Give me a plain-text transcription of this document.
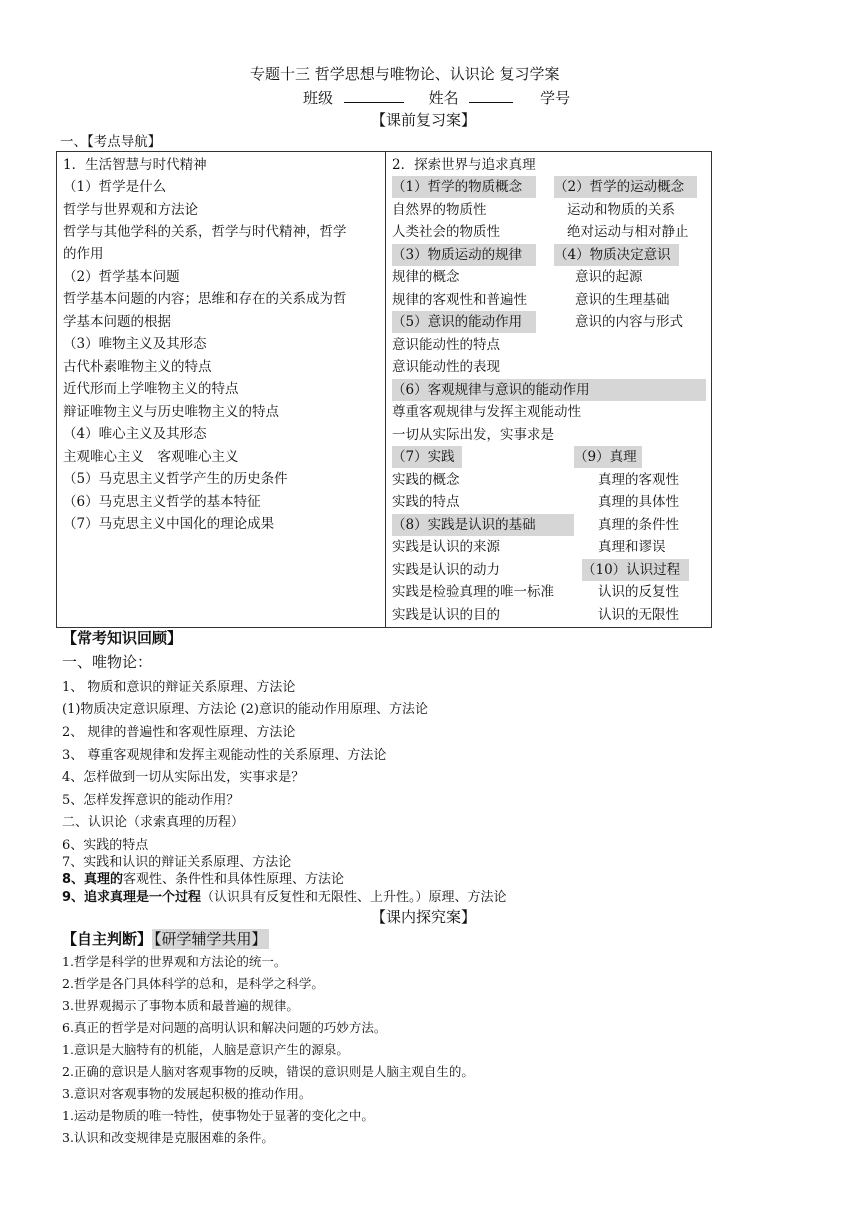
专题十三 哲学思想与唯物论、认识论 复习学案
班级	姓名	学号
【课前复习案】
一、【考点导航】
1．生活智慧与时代精神
（1）哲学是什么
哲学与世界观和方法论
哲学与其他学科的关系，哲学与时代精神，哲学
的作用
（2）哲学基本问题
哲学基本问题的内容；思维和存在的关系成为哲
学基本问题的根据
（3）唯物主义及其形态
古代朴素唯物主义的特点
近代形而上学唯物主义的特点
辩证唯物主义与历史唯物主义的特点
（4）唯心主义及其形态
主观唯心主义　客观唯心主义
（5）马克思主义哲学产生的历史条件
（6）马克思主义哲学的基本特征
（7）马克思主义中国化的理论成果

2．探索世界与追求真理
（1）哲学的物质概念	（2）哲学的运动概念
自然界的物质性	运动和物质的关系
人类社会的物质性	绝对运动与相对静止
（3）物质运动的规律	（4）物质决定意识
规律的概念	意识的起源
规律的客观性和普遍性	意识的生理基础
（5）意识的能动作用	意识的内容与形式
意识能动性的特点
意识能动性的表现
（6）客观规律与意识的能动作用
尊重客观规律与发挥主观能动性
一切从实际出发，实事求是
（7）实践	（9）真理
实践的概念	真理的客观性
实践的特点	真理的具体性
（8）实践是认识的基础	真理的条件性
实践是认识的来源	真理和谬误
实践是认识的动力	（10）认识过程
实践是检验真理的唯一标准	认识的反复性
实践是认识的目的	认识的无限性
【常考知识回顾】
一、唯物论：
1、 物质和意识的辩证关系原理、方法论
(1)物质决定意识原理、方法论 (2)意识的能动作用原理、方法论
2、 规律的普遍性和客观性原理、方法论
3、 尊重客观规律和发挥主观能动性的关系原理、方法论
4、怎样做到一切从实际出发，实事求是？
5、怎样发挥意识的能动作用？
二、认识论（求索真理的历程）
6、实践的特点
7、实践和认识的辩证关系原理、方法论
8、真理的客观性、条件性和具体性原理、方法论
9、追求真理是一个过程（认识具有反复性和无限性、上升性。）原理、方法论
【课内探究案】
【自主判断】 【研学辅学共用】
1.哲学是科学的世界观和方法论的统一。
2.哲学是各门具体科学的总和，是科学之科学。
3.世界观揭示了事物本质和最普遍的规律。
6.真正的哲学是对问题的高明认识和解决问题的巧妙方法。
1.意识是大脑特有的机能，人脑是意识产生的源泉。
2.正确的意识是人脑对客观事物的反映，错误的意识则是人脑主观自生的。
3.意识对客观事物的发展起积极的推动作用。
1.运动是物质的唯一特性，使事物处于显著的变化之中。
3.认识和改变规律是克服困难的条件。
